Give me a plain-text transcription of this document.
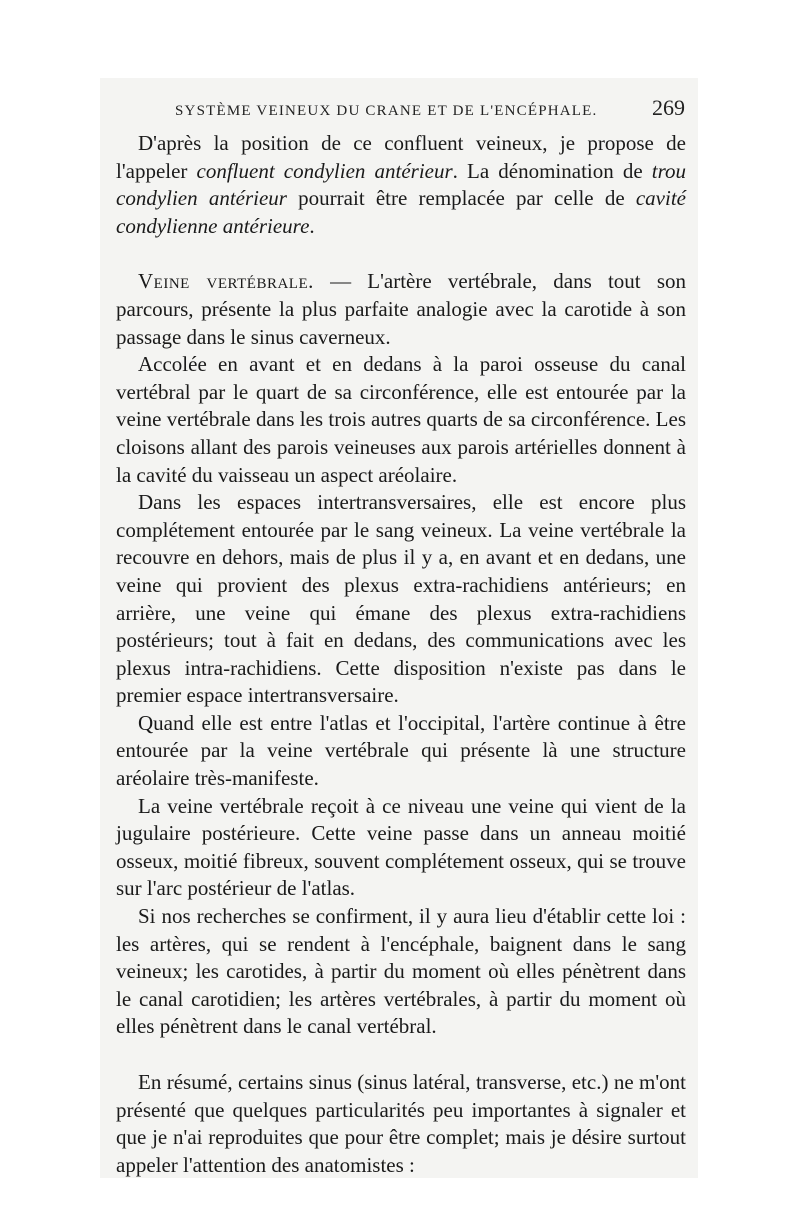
SYSTÈME VEINEUX DU CRANE ET DE L'ENCÉPHALE. 269

D'après la position de ce confluent veineux, je propose de l'appeler confluent condylien antérieur. La dénomination de trou condylien antérieur pourrait être remplacée par celle de cavité condylienne antérieure.

Veine vertébrale. — L'artère vertébrale, dans tout son parcours, présente la plus parfaite analogie avec la carotide à son passage dans le sinus caverneux.

Accolée en avant et en dedans à la paroi osseuse du canal vertébral par le quart de sa circonférence, elle est entourée par la veine vertébrale dans les trois autres quarts de sa circonférence. Les cloisons allant des parois veineuses aux parois artérielles donnent à la cavité du vaisseau un aspect aréolaire.

Dans les espaces intertransversaires, elle est encore plus complétement entourée par le sang veineux. La veine vertébrale la recouvre en dehors, mais de plus il y a, en avant et en dedans, une veine qui provient des plexus extra-rachidiens antérieurs; en arrière, une veine qui émane des plexus extra-rachidiens postérieurs; tout à fait en dedans, des communications avec les plexus intra-rachidiens. Cette disposition n'existe pas dans le premier espace intertransversaire.

Quand elle est entre l'atlas et l'occipital, l'artère continue à être entourée par la veine vertébrale qui présente là une structure aréolaire très-manifeste.

La veine vertébrale reçoit à ce niveau une veine qui vient de la jugulaire postérieure. Cette veine passe dans un anneau moitié osseux, moitié fibreux, souvent complétement osseux, qui se trouve sur l'arc postérieur de l'atlas.

Si nos recherches se confirment, il y aura lieu d'établir cette loi : les artères, qui se rendent à l'encéphale, baignent dans le sang veineux; les carotides, à partir du moment où elles pénètrent dans le canal carotidien; les artères vertébrales, à partir du moment où elles pénètrent dans le canal vertébral.

En résumé, certains sinus (sinus latéral, transverse, etc.) ne m'ont présenté que quelques particularités peu importantes à signaler et que je n'ai reproduites que pour être complet; mais je désire surtout appeler l'attention des anatomistes :
